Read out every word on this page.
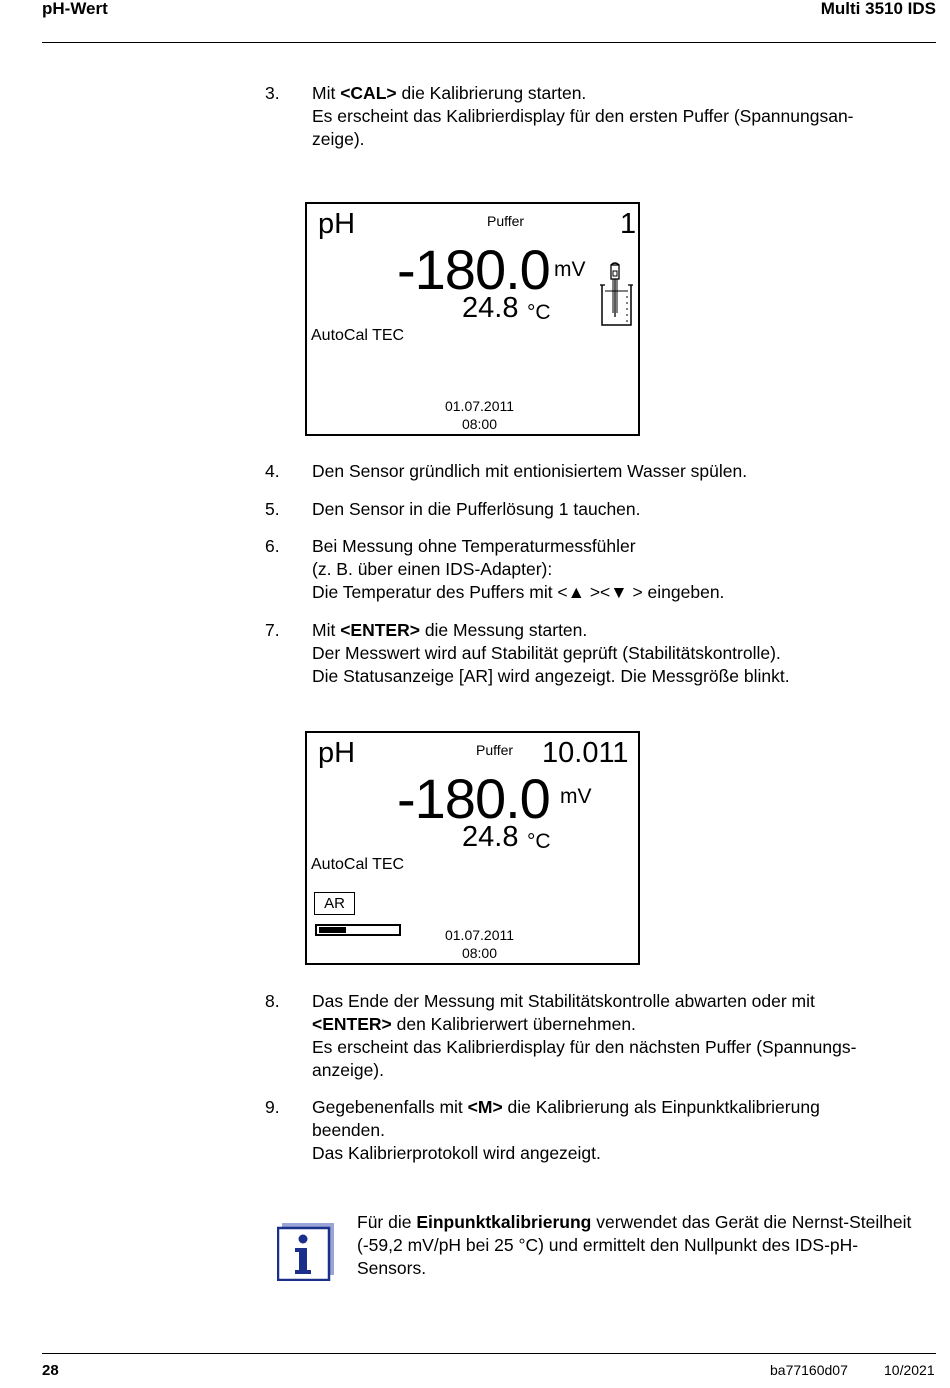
pH-Wert	Multi 3510 IDS
3. Mit <CAL> die Kalibrierung starten.
Es erscheint das Kalibrierdisplay für den ersten Puffer (Spannungsan-
zeige).
pH	Puffer	1
-180.0 mV
24.8 °C
AutoCal TEC
01.07.2011
08:00
4. Den Sensor gründlich mit entionisiertem Wasser spülen.
5. Den Sensor in die Pufferlösung 1 tauchen.
6. Bei Messung ohne Temperaturmessfühler
(z. B. über einen IDS-Adapter):
Die Temperatur des Puffers mit <▲ ><▼ > eingeben.
7. Mit <ENTER> die Messung starten.
Der Messwert wird auf Stabilität geprüft (Stabilitätskontrolle).
Die Statusanzeige [AR] wird angezeigt. Die Messgröße blinkt.
pH	Puffer 10.011
-180.0 mV
24.8 °C
AutoCal TEC
AR
01.07.2011
08:00
8. Das Ende der Messung mit Stabilitätskontrolle abwarten oder mit
<ENTER> den Kalibrierwert übernehmen.
Es erscheint das Kalibrierdisplay für den nächsten Puffer (Spannungs-
anzeige).
9. Gegebenenfalls mit <M> die Kalibrierung als Einpunktkalibrierung
beenden.
Das Kalibrierprotokoll wird angezeigt.
Für die Einpunktkalibrierung verwendet das Gerät die Nernst-Steilheit (-59,2 mV/pH bei 25 °C) und ermittelt den Nullpunkt des IDS-pH-Sensors.
28	ba77160d07	10/2021
